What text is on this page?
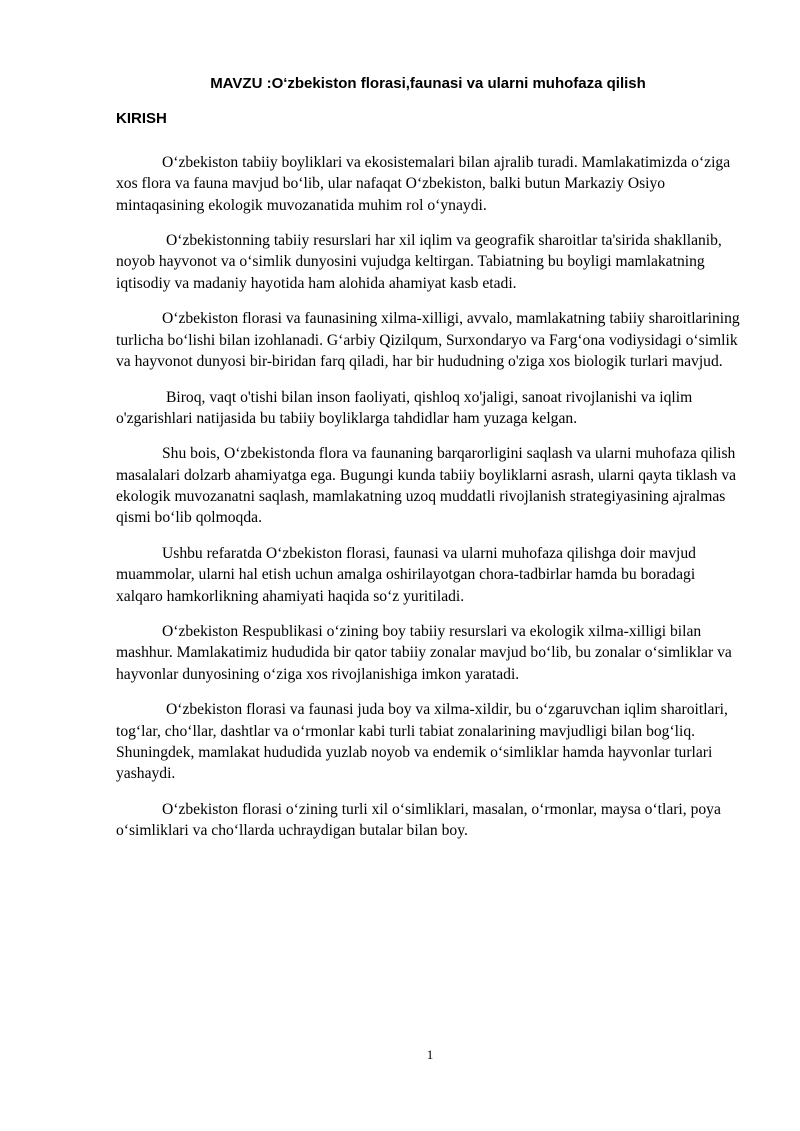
MAVZU :O‘zbekiston florasi,faunasi va ularni muhofaza qilish
KIRISH

O‘zbekiston tabiiy boyliklari va ekosistemalari bilan ajralib turadi. Mamlakatimizda o‘ziga xos flora va fauna mavjud bo‘lib, ular nafaqat O‘zbekiston, balki butun Markaziy Osiyo mintaqasining ekologik muvozanatida muhim rol o‘ynaydi.

O‘zbekistonning tabiiy resurslari har xil iqlim va geografik sharoitlar ta'sirida shakllanib, noyob hayvonot va o‘simlik dunyosini vujudga keltirgan. Tabiatning bu boyligi mamlakatning iqtisodiy va madaniy hayotida ham alohida ahamiyat kasb etadi.

O‘zbekiston florasi va faunasining xilma-xilligi, avvalo, mamlakatning tabiiy sharoitlarining turlicha bo‘lishi bilan izohlanadi. G‘arbiy Qizilqum, Surxondaryo va Farg‘ona vodiysidagi o‘simlik va hayvonot dunyosi bir-biridan farq qiladi, har bir hududning o'ziga xos biologik turlari mavjud.

Biroq, vaqt o'tishi bilan inson faoliyati, qishloq xo'jaligi, sanoat rivojlanishi va iqlim o'zgarishlari natijasida bu tabiiy boyliklarga tahdidlar ham yuzaga kelgan.

Shu bois, O‘zbekistonda flora va faunaning barqarorligini saqlash va ularni muhofaza qilish masalalari dolzarb ahamiyatga ega. Bugungi kunda tabiiy boyliklarni asrash, ularni qayta tiklash va ekologik muvozanatni saqlash, mamlakatning uzoq muddatli rivojlanish strategiyasining ajralmas qismi bo‘lib qolmoqda.

Ushbu refaratda O‘zbekiston florasi, faunasi va ularni muhofaza qilishga doir mavjud muammolar, ularni hal etish uchun amalga oshirilayotgan chora-tadbirlar hamda bu boradagi xalqaro hamkorlikning ahamiyati haqida so‘z yuritiladi.

O‘zbekiston Respublikasi o‘zining boy tabiiy resurslari va ekologik xilma-xilligi bilan mashhur. Mamlakatimiz hududida bir qator tabiiy zonalar mavjud bo‘lib, bu zonalar o‘simliklar va hayvonlar dunyosining o‘ziga xos rivojlanishiga imkon yaratadi.

O‘zbekiston florasi va faunasi juda boy va xilma-xildir, bu o‘zgaruvchan iqlim sharoitlari, tog‘lar, cho‘llar, dashtlar va o‘rmonlar kabi turli tabiat zonalarining mavjudligi bilan bog‘liq. Shuningdek, mamlakat hududida yuzlab noyob va endemik o‘simliklar hamda hayvonlar turlari yashaydi.

O‘zbekiston florasi o‘zining turli xil o‘simliklari, masalan, o‘rmonlar, maysa o‘tlari, poya o‘simliklari va cho‘llarda uchraydigan butalar bilan boy.

1
